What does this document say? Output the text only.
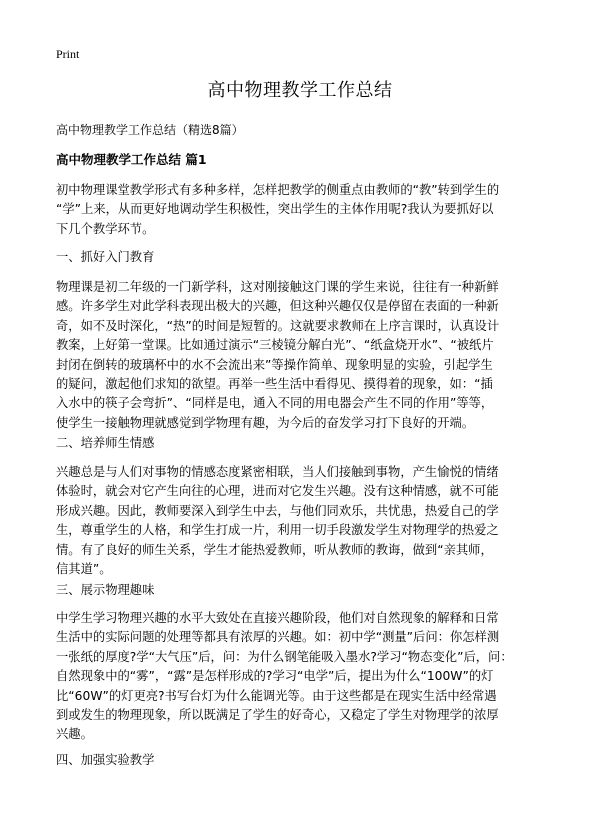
Print
高中物理教学工作总结
高中物理教学工作总结（精选8篇）
高中物理教学工作总结 篇1
初中物理课堂教学形式有多种多样，怎样把教学的侧重点由教师的“教”转到学生的
“学”上来，从而更好地调动学生积极性，突出学生的主体作用呢?我认为要抓好以
下几个教学环节。
一、抓好入门教育
物理课是初二年级的一门新学科，这对刚接触这门课的学生来说，往往有一种新鲜
感。许多学生对此学科表现出极大的兴趣，但这种兴趣仅仅是停留在表面的一种新
奇，如不及时深化，“热”的时间是短暂的。这就要求教师在上序言课时，认真设计
教案，上好第一堂课。比如通过演示“三棱镜分解白光”、“纸盒烧开水”、“被纸片
封闭在倒转的玻璃杯中的水不会流出来”等操作简单、现象明显的实验，引起学生
的疑问，激起他们求知的欲望。再举一些生活中看得见、摸得着的现象，如：“插
入水中的筷子会弯折”、“同样是电，通入不同的用电器会产生不同的作用”等等，
使学生一接触物理就感觉到学物理有趣，为今后的奋发学习打下良好的开端。
二、培养师生情感
兴趣总是与人们对事物的情感态度紧密相联，当人们接触到事物，产生愉悦的情绪
体验时，就会对它产生向往的心理，进而对它发生兴趣。没有这种情感，就不可能
形成兴趣。因此，教师要深入到学生中去，与他们同欢乐，共忧患，热爱自己的学
生，尊重学生的人格，和学生打成一片，利用一切手段激发学生对物理学的热爱之
情。有了良好的师生关系，学生才能热爱教师，听从教师的教诲，做到“亲其师，
信其道”。
三、展示物理趣味
中学生学习物理兴趣的水平大致处在直接兴趣阶段，他们对自然现象的解释和日常
生活中的实际问题的处理等都具有浓厚的兴趣。如：初中学“测量”后问：你怎样测
一张纸的厚度?学“大气压”后，问：为什么钢笔能吸入墨水?学习“物态变化”后，问：
自然现象中的“雾”，“露”是怎样形成的?学习“电学”后，提出为什么“100W”的灯
比“60W”的灯更亮?书写台灯为什么能调光等。由于这些都是在现实生活中经常遇
到或发生的物理现象，所以既满足了学生的好奇心，又稳定了学生对物理学的浓厚
兴趣。
四、加强实验教学
